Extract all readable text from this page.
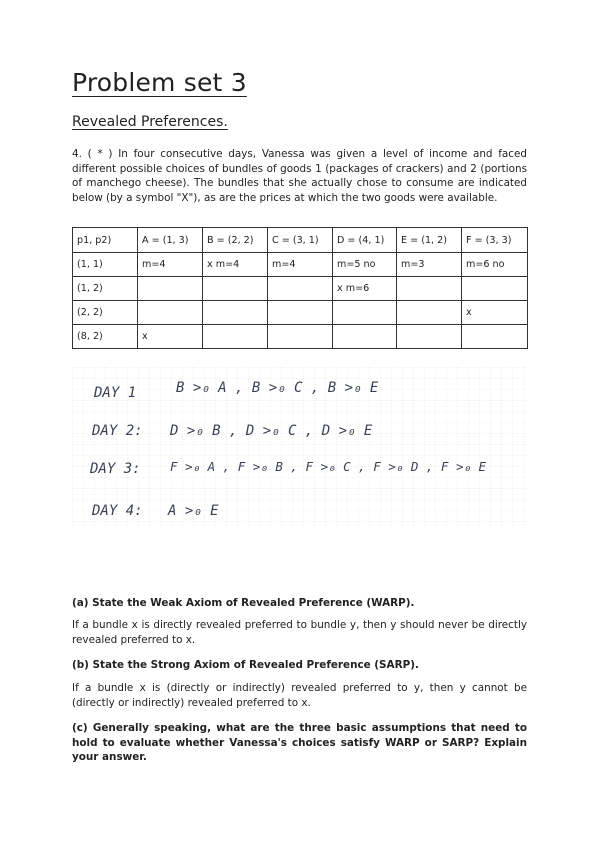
Problem set 3
Revealed Preferences.
4. ( * ) In four consecutive days, Vanessa was given a level of income and faced different possible choices of bundles of goods 1 (packages of crackers) and 2 (portions of manchego cheese). The bundles that she actually chose to consume are indicated below (by a symbol "X"), as are the prices at which the two goods were available.
p1, p2)	A = (1, 3)	B = (2, 2)	C = (3, 1)	D = (4, 1)	E = (1, 2)	F = (3, 3)
(1, 1)	m=4	x m=4	m=4	m=5 no	m=3	m=6 no
(1, 2)				x m=6		
(2, 2)						x
(8, 2)	x					
DAY 1	B >₀ A , B >₀ C , B >₀ E
DAY 2: D >₀ B , D >₀ C , D >₀ E
DAY 3: F >₀ A , F >₀ B , F >₀ C , F >₀ D , F >₀ E
DAY 4: A >₀ E
(a) State the Weak Axiom of Revealed Preference (WARP).
If a bundle x is directly revealed preferred to bundle y, then y should never be directly revealed preferred to x.
(b) State the Strong Axiom of Revealed Preference (SARP).
If a bundle x is (directly or indirectly) revealed preferred to y, then y cannot be (directly or indirectly) revealed preferred to x.
(c) Generally speaking, what are the three basic assumptions that need to hold to evaluate whether Vanessa's choices satisfy WARP or SARP? Explain your answer.
